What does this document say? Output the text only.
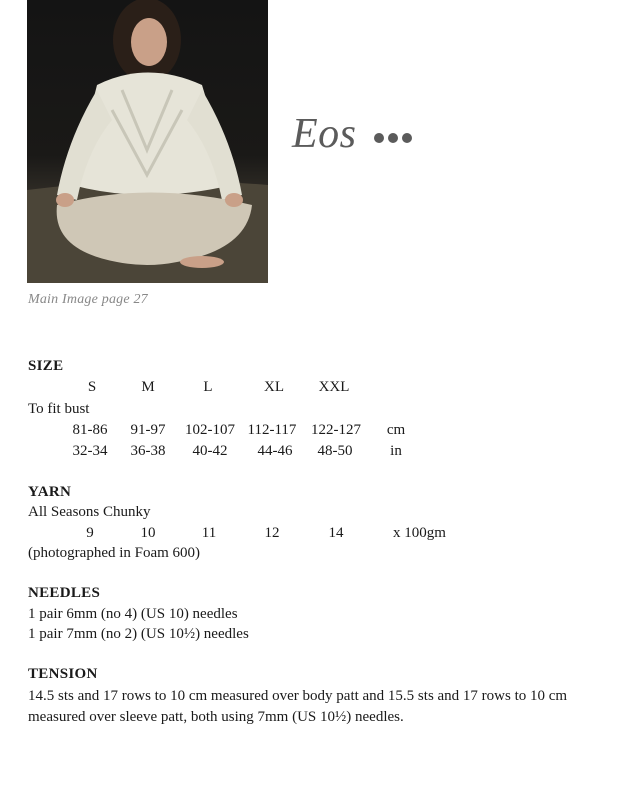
Main Image page 27
Eos
SIZE
S	M	L	XL	XXL
To fit bust
81-86	91-97	102-107 112-117 122-127	cm
32-34	36-38	40-42	44-46	48-50	in
YARN
All Seasons Chunky
9	10	11	12	14	x 100gm
(photographed in Foam 600)
NEEDLES
1 pair 6mm (no 4) (US 10) needles
1 pair 7mm (no 2) (US 10½) needles
TENSION
14.5 sts and 17 rows to 10 cm measured over body patt and 15.5 sts and 17 rows to 10 cm measured over sleeve patt, both using 7mm (US 10½) needles.
